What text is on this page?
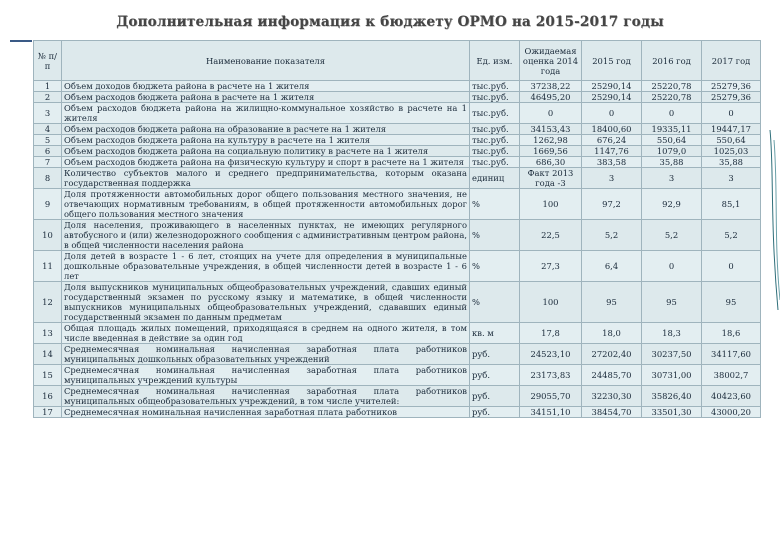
Дополнительная информация к бюджету ОРМО на 2015-2017 годы
№ п/п	Наименование показателя	Ед. изм.	Ожидаемая оценка 2014 года	2015 год	2016 год	2017 год
1	Объем доходов бюджета района в расчете на 1 жителя	тыс.руб.	37238,22	25290,14	25220,78	25279,36
2	Объем расходов бюджета района в расчете на 1 жителя	тыс.руб.	46495,20	25290,14	25220,78	25279,36
3	Объем расходов бюджета района на жилищно-коммунальное хозяйство в расчете на 1 жителя	тыс.руб.	0	0	0	0
4	Объем расходов бюджета района на образование в расчете на 1 жителя	тыс.руб.	34153,43	18400,60	19335,11	19447,17
5	Объем расходов бюджета района на культуру в расчете на 1 жителя	тыс.руб.	1262,98	676,24	550,64	550,64
6	Объем расходов бюджета района на социальную политику в расчете на 1 жителя	тыс.руб.	1669,56	1147,76	1079,0	1025,03
7	Объем расходов бюджета района на физическую культуру и спорт в расчете на 1 жителя	тыс.руб.	686,30	383,58	35,88	35,88
8	Количество субъектов малого и среднего предпринимательства, которым оказана государственная поддержка	единиц	Факт 2013 года -3	3	3	3
9	Доля протяженности автомобильных дорог общего пользования местного значения, не отвечающих нормативным требованиям, в общей протяженности автомобильных дорог общего пользования местного значения	%	100	97,2	92,9	85,1
10	Доля населения, проживающего в населенных пунктах, не имеющих регулярного автобусного и (или) железнодорожного сообщения с административным центром района, в общей численности населения района	%	22,5	5,2	5,2	5,2
11	Доля детей в возрасте 1 - 6 лет, стоящих на учете для определения в муниципальные дошкольные образовательные учреждения, в общей численности детей в возрасте 1 - 6 лет	%	27,3	6,4	0	0
12	Доля выпускников муниципальных общеобразовательных учреждений, сдавших единый государственный экзамен по русскому языку и математике, в общей численности выпускников муниципальных общеобразовательных учреждений, сдававших единый государственный экзамен по данным предметам	%	100	95	95	95
13	Общая площадь жилых помещений, приходящаяся в среднем на одного жителя, в том числе введенная в действие за один год	кв. м	17,8	18,0	18,3	18,6
14	Среднемесячная номинальная начисленная заработная плата работников муниципальных дошкольных образовательных учреждений	руб.	24523,10	27202,40	30237,50	34117,60
15	Среднемесячная номинальная начисленная заработная плата работников муниципальных учреждений культуры	руб.	23173,83	24485,70	30731,00	38002,7
16	Среднемесячная номинальная начисленная заработная плата работников муниципальных общеобразовательных учреждений, в том числе учителей:	руб.	29055,70	32230,30	35826,40	40423,60
17	Среднемесячная номинальная начисленная заработная плата работников	руб.	34151,10	38454,70	33501,30	43000,20
